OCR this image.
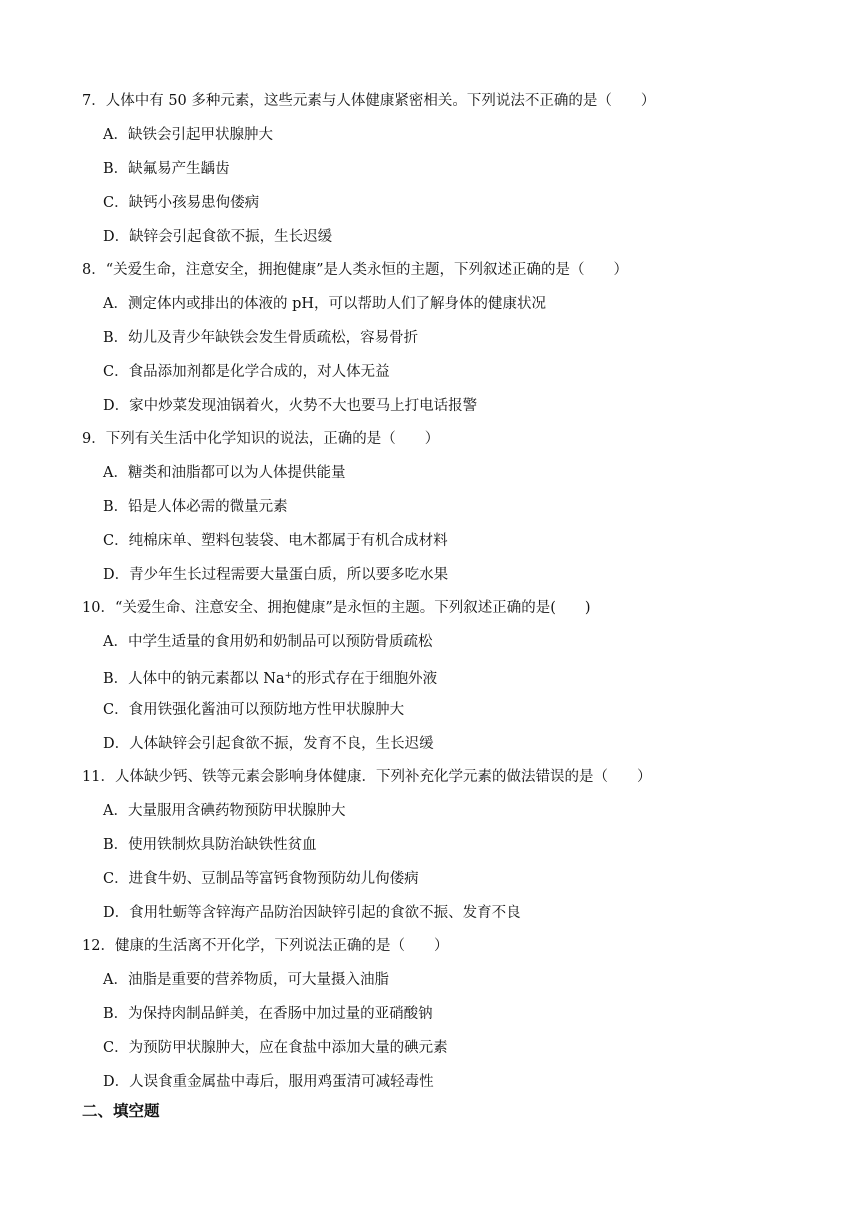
7．人体中有 50 多种元素，这些元素与人体健康紧密相关。下列说法不正确的是（　　）
A．缺铁会引起甲状腺肿大
B．缺氟易产生龋齿
C．缺钙小孩易患佝偻病
D．缺锌会引起食欲不振，生长迟缓
8．“关爱生命，注意安全，拥抱健康”是人类永恒的主题，下列叙述正确的是（　　）
A．测定体内或排出的体液的 pH，可以帮助人们了解身体的健康状况
B．幼儿及青少年缺铁会发生骨质疏松，容易骨折
C．食品添加剂都是化学合成的，对人体无益
D．家中炒菜发现油锅着火，火势不大也要马上打电话报警
9．下列有关生活中化学知识的说法，正确的是（　　）
A．糖类和油脂都可以为人体提供能量
B．铅是人体必需的微量元素
C．纯棉床单、塑料包装袋、电木都属于有机合成材料
D．青少年生长过程需要大量蛋白质，所以要多吃水果
10．“关爱生命、注意安全、拥抱健康”是永恒的主题。下列叙述正确的是(　　)
A．中学生适量的食用奶和奶制品可以预防骨质疏松
B．人体中的钠元素都以 Na+的形式存在于细胞外液
C．食用铁强化酱油可以预防地方性甲状腺肿大
D．人体缺锌会引起食欲不振，发育不良，生长迟缓
11．人体缺少钙、铁等元素会影响身体健康．下列补充化学元素的做法错误的是（　　）
A．大量服用含碘药物预防甲状腺肿大
B．使用铁制炊具防治缺铁性贫血
C．进食牛奶、豆制品等富钙食物预防幼儿佝偻病
D．食用牡蛎等含锌海产品防治因缺锌引起的食欲不振、发育不良
12．健康的生活离不开化学，下列说法正确的是（　　）
A．油脂是重要的营养物质，可大量摄入油脂
B．为保持肉制品鲜美，在香肠中加过量的亚硝酸钠
C．为预防甲状腺肿大，应在食盐中添加大量的碘元素
D．人误食重金属盐中毒后，服用鸡蛋清可减轻毒性
二、填空题
